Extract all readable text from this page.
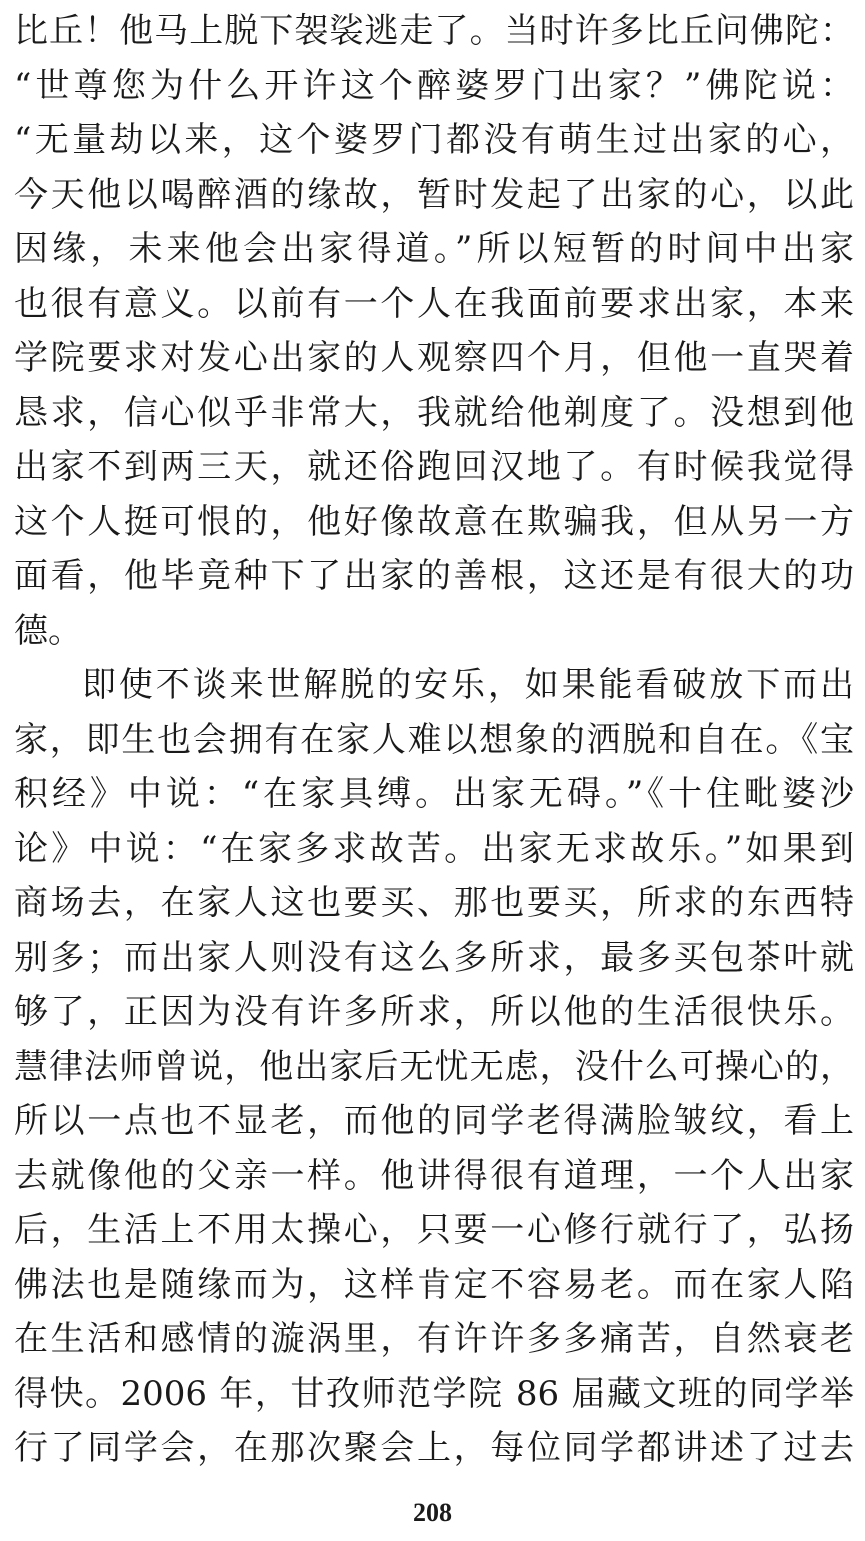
比丘！他马上脱下袈裟逃走了。当时许多比丘问佛陀：
“世尊您为什么开许这个醉婆罗门出家？”佛陀说：
“无量劫以来，这个婆罗门都没有萌生过出家的心，
今天他以喝醉酒的缘故，暂时发起了出家的心，以此
因缘，未来他会出家得道。”所以短暂的时间中出家
也很有意义。以前有一个人在我面前要求出家，本来
学院要求对发心出家的人观察四个月，但他一直哭着
恳求，信心似乎非常大，我就给他剃度了。没想到他
出家不到两三天，就还俗跑回汉地了。有时候我觉得
这个人挺可恨的，他好像故意在欺骗我，但从另一方
面看，他毕竟种下了出家的善根，这还是有很大的功
德。
即使不谈来世解脱的安乐，如果能看破放下而出
家，即生也会拥有在家人难以想象的洒脱和自在。《宝
积经》中说：“在家具缚。出家无碍。”《十住毗婆沙
论》中说：“在家多求故苦。出家无求故乐。”如果到
商场去，在家人这也要买、那也要买，所求的东西特
别多；而出家人则没有这么多所求，最多买包茶叶就
够了，正因为没有许多所求，所以他的生活很快乐。
慧律法师曾说，他出家后无忧无虑，没什么可操心的，
所以一点也不显老，而他的同学老得满脸皱纹，看上
去就像他的父亲一样。他讲得很有道理，一个人出家
后，生活上不用太操心，只要一心修行就行了，弘扬
佛法也是随缘而为，这样肯定不容易老。而在家人陷
在生活和感情的漩涡里，有许许多多痛苦，自然衰老
得快。2006 年，甘孜师范学院 86 届藏文班的同学举
行了同学会，在那次聚会上，每位同学都讲述了过去
208
